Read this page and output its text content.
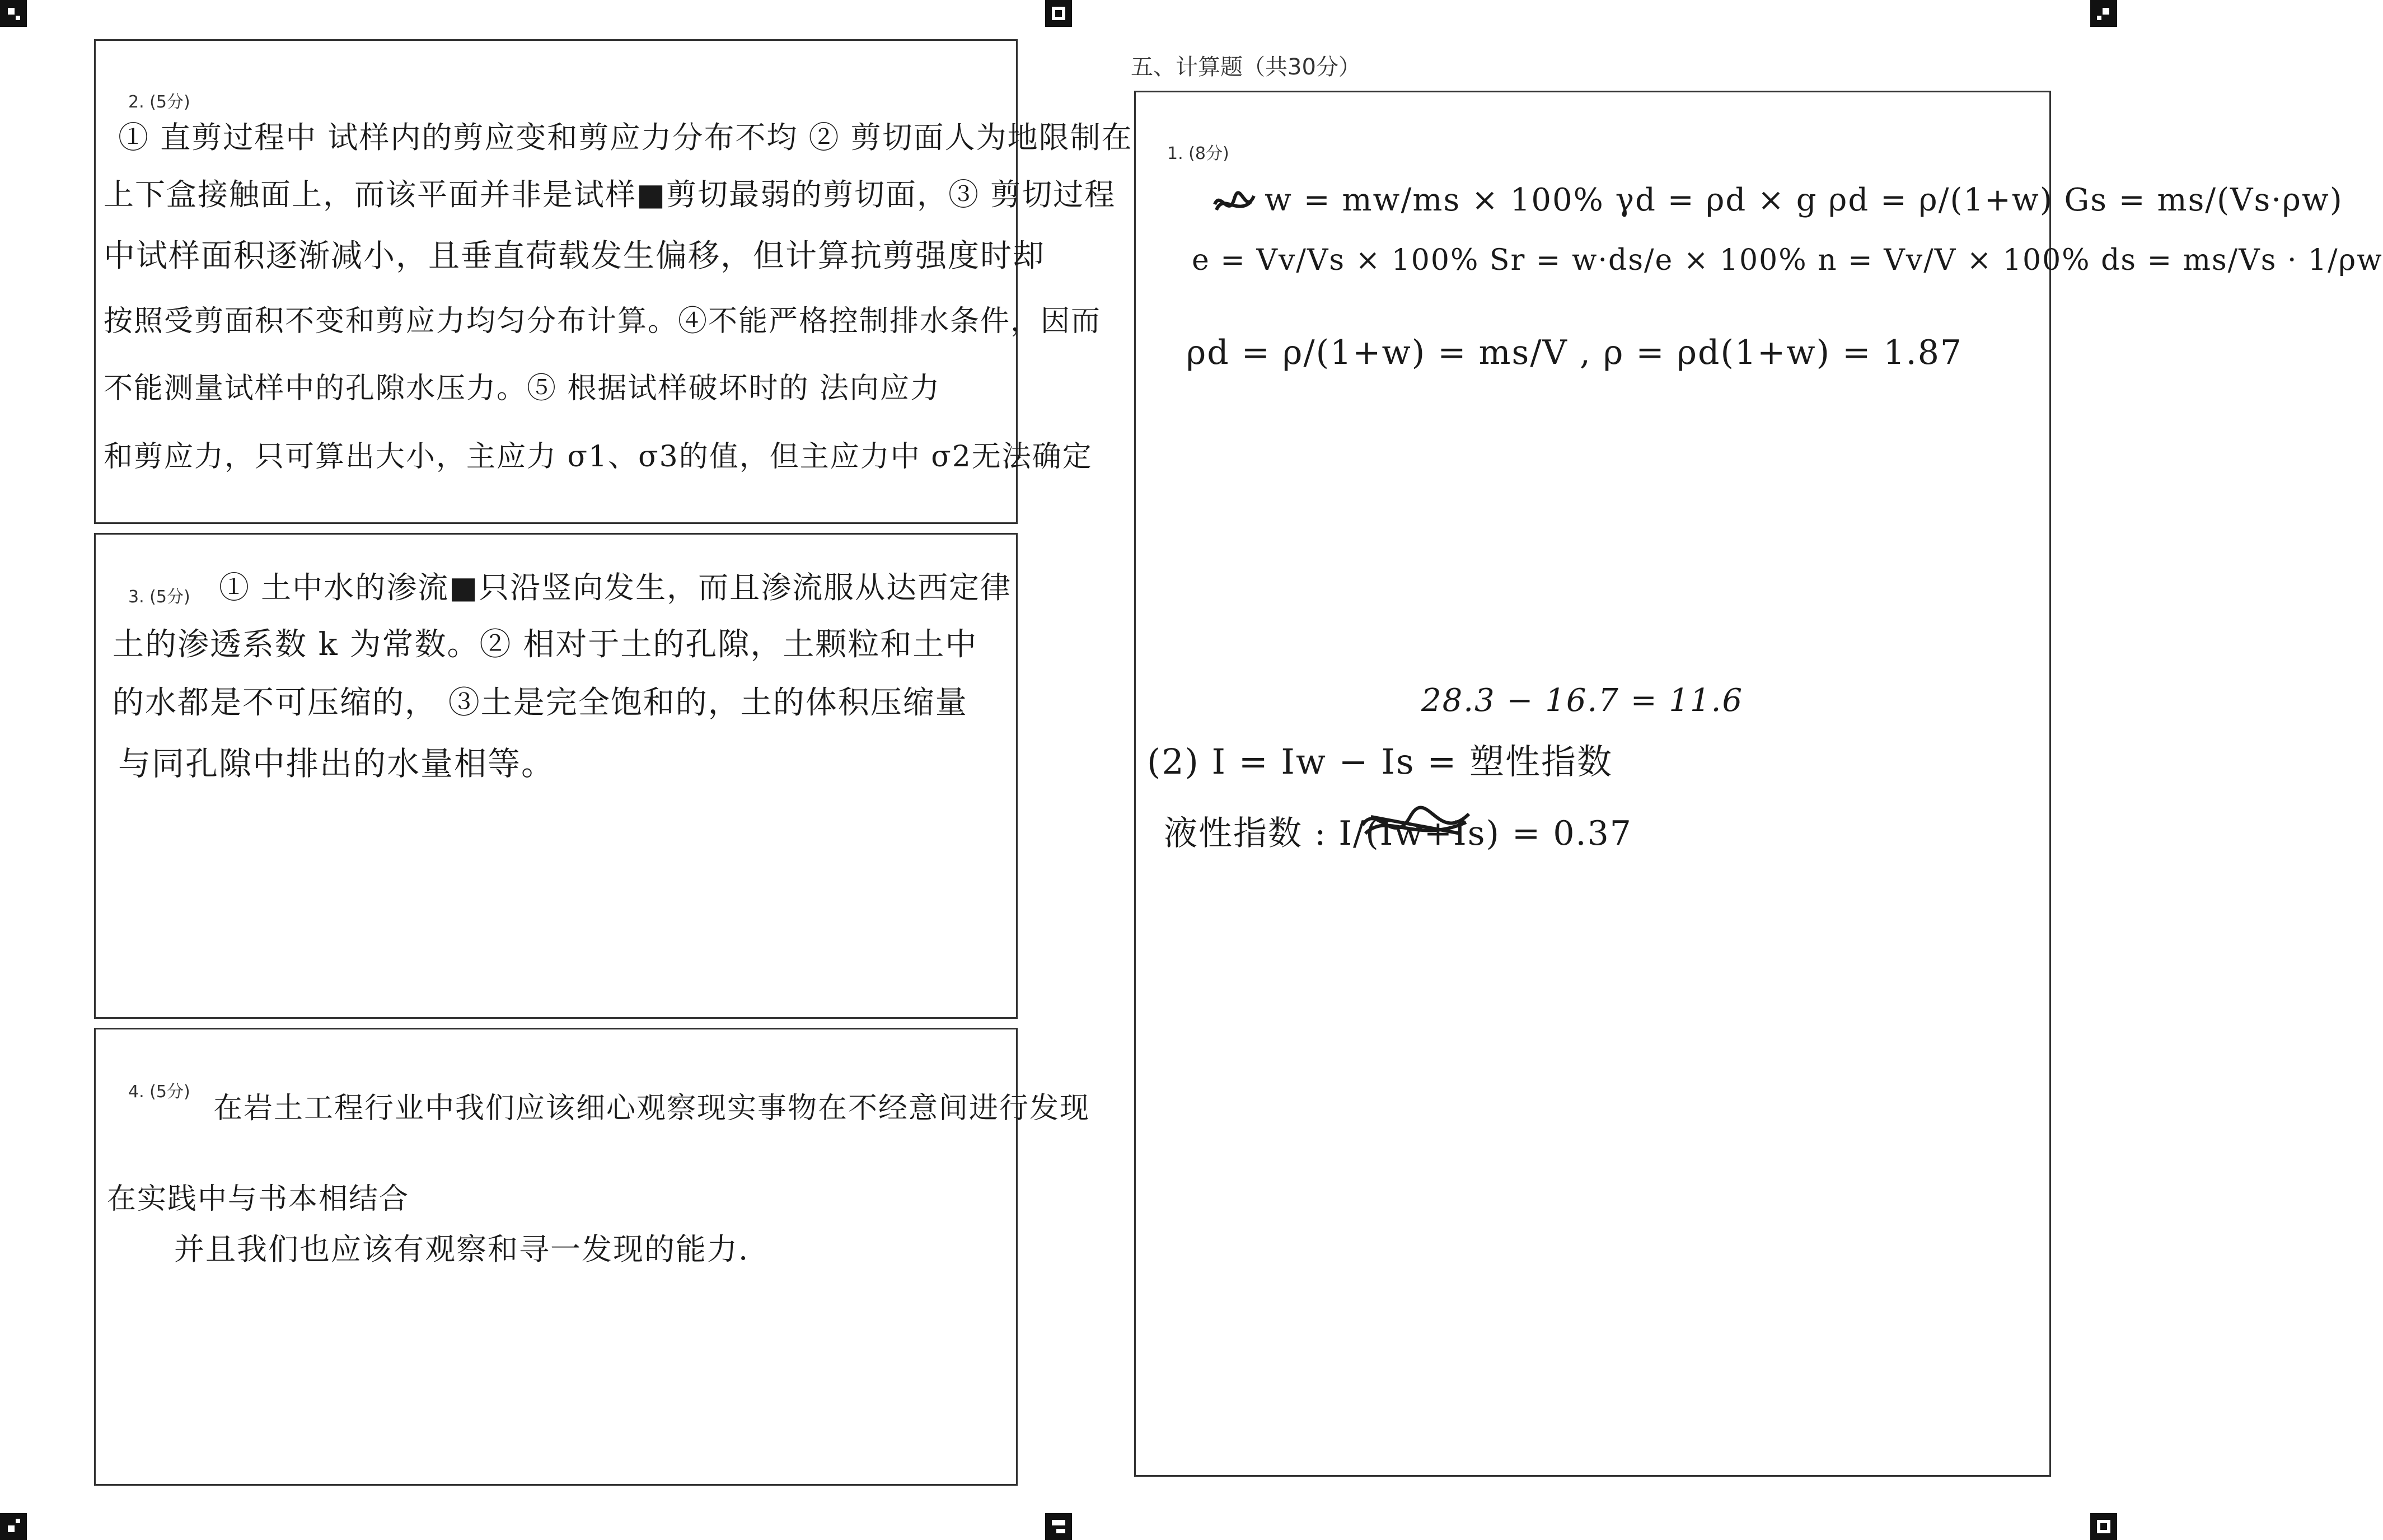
2. (5分)
① 直剪过程中 试样内的剪应变和剪应力分布不均 ② 剪切面人为地限制在
上下盒接触面上，而该平面并非是试样■剪切最弱的剪切面，③ 剪切过程
中试样面积逐渐减小，且垂直荷载发生偏移，但计算抗剪强度时却
按照受剪面积不变和剪应力均匀分布计算。④不能严格控制排水条件，因而
不能测量试样中的孔隙水压力。⑤ 根据试样破坏时的 法向应力
和剪应力，只可算出大小，主应力 σ1、σ3的值，但主应力中 σ2无法确定
3. (5分) ① 土中水的渗流■只沿竖向发生，而且渗流服从达西定律
土的渗透系数 k 为常数。② 相对于土的孔隙，土颗粒和土中
的水都是不可压缩的， ③土是完全饱和的，土的体积压缩量
与同孔隙中排出的水量相等。
4. (5分) 在岩土工程行业中我们应该细心观察现实事物在不经意间进行发现
在实践中与书本相结合
并且我们也应该有观察和寻一发现的能力.
五、计算题（共30分）
1. (8分)
w = mw/ms × 100% γd = ρd × g ρd = ρ/(1+w) Gs = ms/(Vs·ρw)
e = Vv/Vs × 100% Sr = w·ds/e × 100% n = Vv/V × 100% ds = ms/Vs · 1/ρw
ρd = ρ/(1+w) = ms/V , ρ = ρd(1+w) = 1.87
28.3 − 16.7 = 11.6
(2) I = Iw − Is = 塑性指数
液性指数 : I/(Iw+Is) = 0.37
